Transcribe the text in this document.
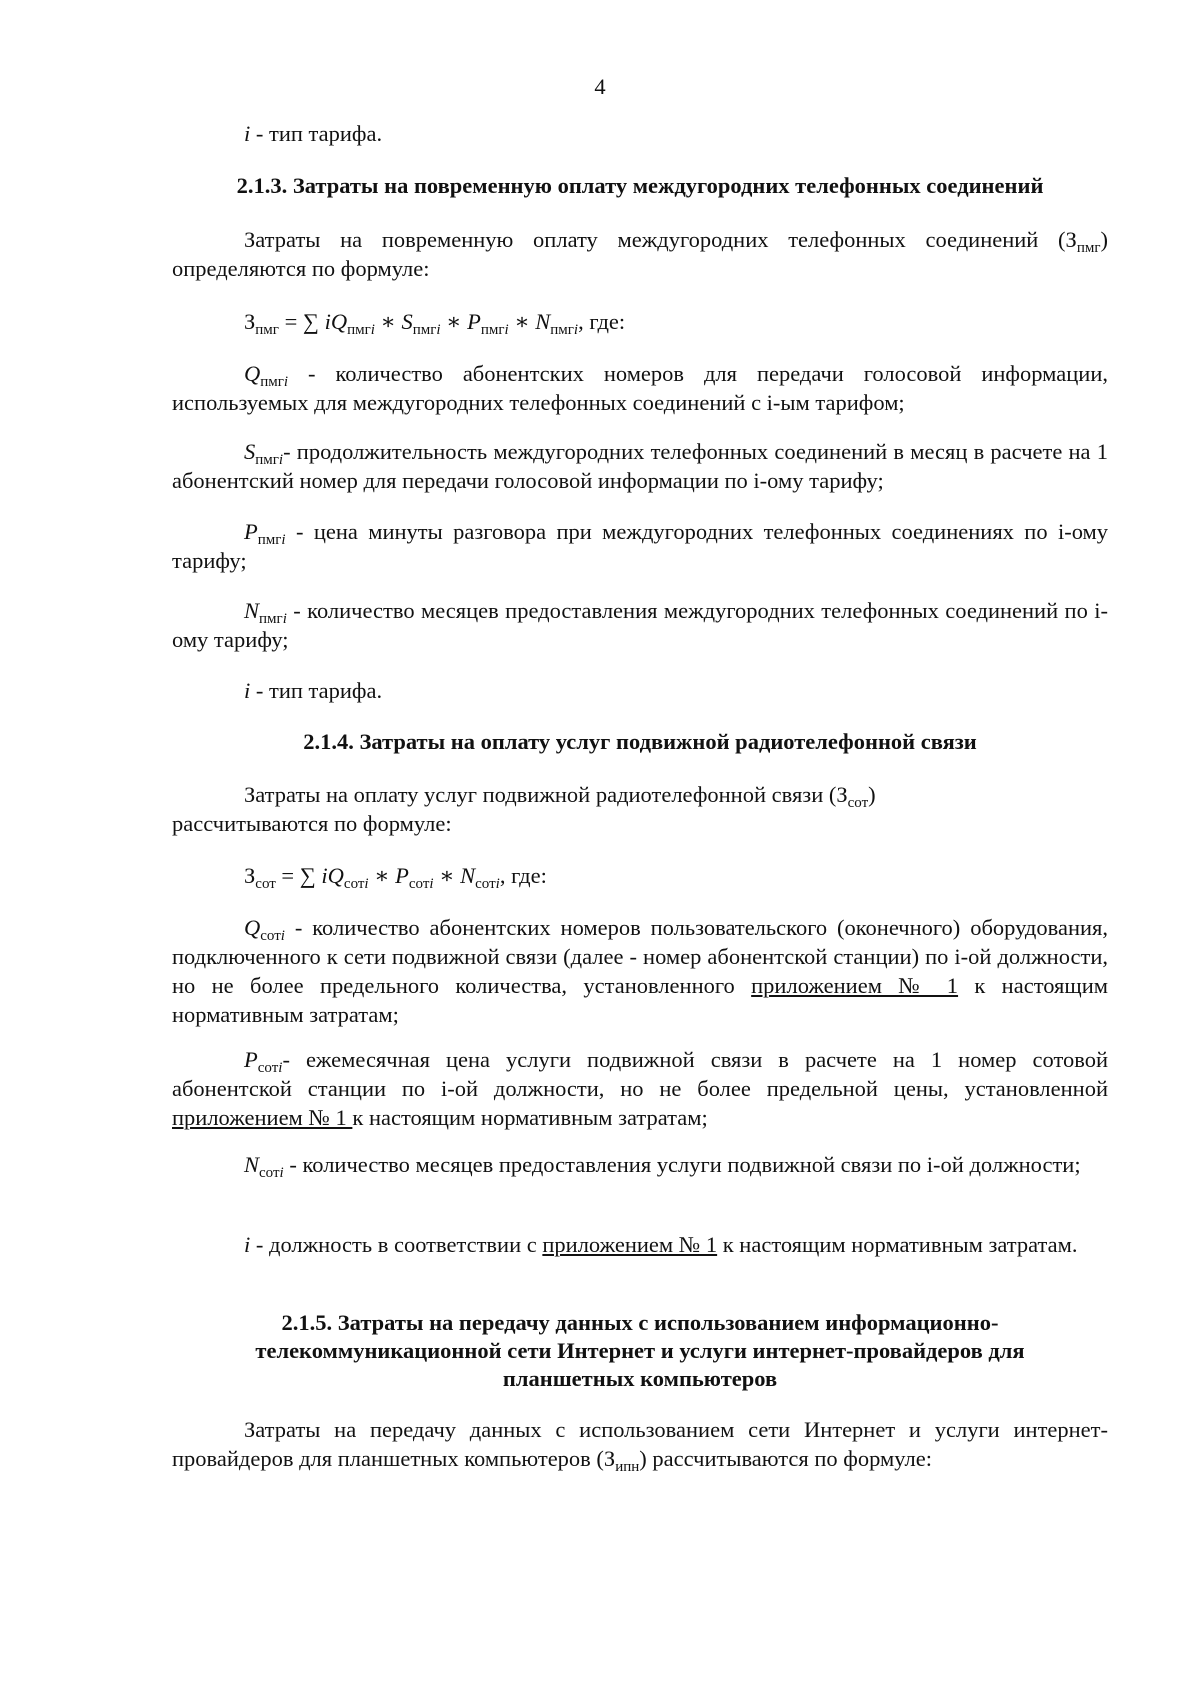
4

i - тип тарифа.

2.1.3. Затраты на повременную оплату междугородних телефонных соединений

Затраты на повременную оплату междугородних телефонных соединений $(З_{пмг})$ определяются по формуле:

$З_{пмг}$ = ∑ $iQ_{пмгi}$ ∗ $S_{пмгi}$ ∗ $P_{пмгi}$ ∗ $N_{пмгi}$, где:

$Q_{пмгi}$ - количество абонентских номеров для передачи голосовой информации, используемых для междугородних телефонных соединений с i-ым тарифом;

$S_{пмгi}-$ продолжительность междугородних телефонных соединений в месяц в расчете на 1 абонентский номер для передачи голосовой информации по i-ому тарифу;

$P_{пмгi}$ - цена минуты разговора при междугородних телефонных соединениях по i-ому тарифу;

$N_{пмгi}$ - количество месяцев предоставления междугородних телефонных соединений по i-ому тарифу;

i - тип тарифа.

2.1.4. Затраты на оплату услуг подвижной радиотелефонной связи
Затраты на оплату услуг подвижной радиотелефонной связи $(З_{сот})$
рассчитываются по формуле:

$З_{сот}$ = ∑ $iQ_{сотi}$ ∗ $P_{сотi}$ ∗ $N_{сотi}$, где:

$Q_{сотi}$ - количество абонентских номеров пользовательского (оконечного) оборудования, подключенного к сети подвижной связи (далее - номер абонентской станции) по i-ой должности, но не более предельного количества, установленного приложением № 1 к настоящим нормативным затратам;

$P_{сотi}-$ ежемесячная цена услуги подвижной связи в расчете на 1 номер сотовой абонентской станции по i-ой должности, но не более предельной цены, установленной приложением № 1 к настоящим нормативным затратам;

$N_{сотi}$ - количество месяцев предоставления услуги подвижной связи по i-ой должности;

i - должность в соответствии с приложением № 1 к настоящим нормативным затратам.

2.1.5. Затраты на передачу данных с использованием информационно-
телекоммуникационной сети Интернет и услуги интернет-провайдеров для
планшетных компьютеров

Затраты на передачу данных с использованием сети Интернет и услуги интернет-провайдеров для планшетных компьютеров $(З_{ипн})$ рассчитываются по формуле:
